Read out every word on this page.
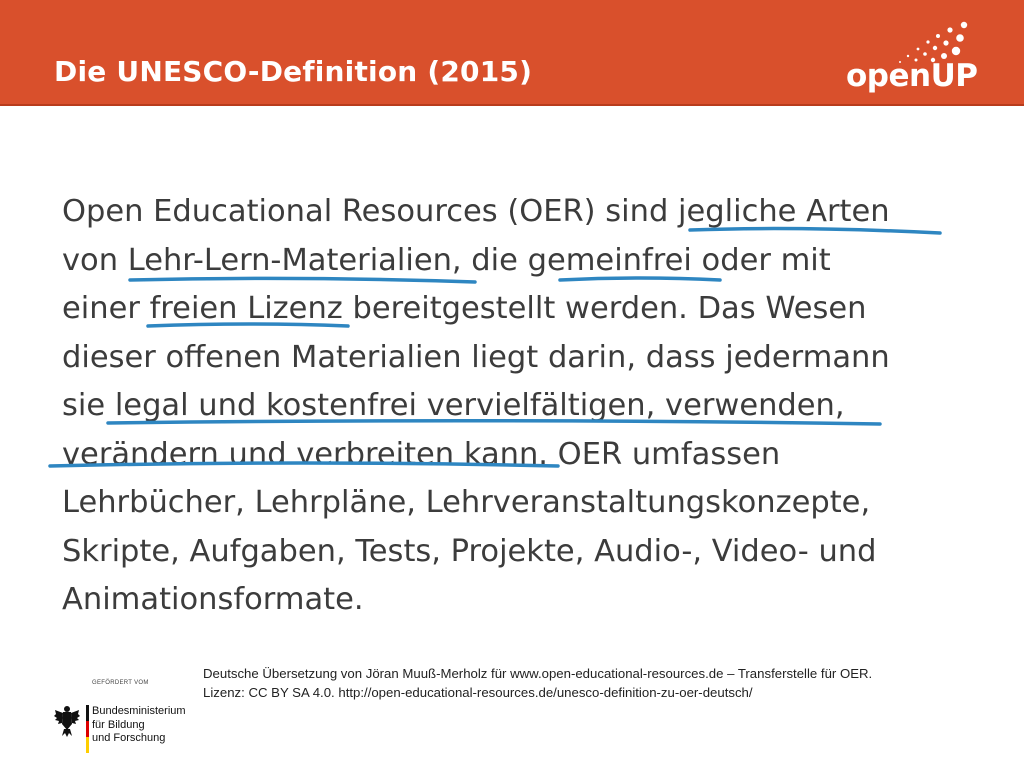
Die UNESCO-Definition (2015)	openUP
Open Educational Resources (OER) sind jegliche Arten
von Lehr-Lern-Materialien, die gemeinfrei oder mit
einer freien Lizenz bereitgestellt werden. Das Wesen
dieser offenen Materialien liegt darin, dass jedermann
sie legal und kostenfrei vervielfältigen, verwenden,
verändern und verbreiten kann. OER umfassen
Lehrbücher, Lehrpläne, Lehrveranstaltungskonzepte,
Skripte, Aufgaben, Tests, Projekte, Audio-, Video- und
Animationsformate.
Deutsche Übersetzung von Jöran Muuß-Merholz für www.open-educational-resources.de – Transferstelle für OER.
Lizenz: CC BY SA 4.0. http://open-educational-resources.de/unesco-definition-zu-oer-deutsch/
GEFÖRDERT VOM
Bundesministerium
für Bildung
und Forschung
